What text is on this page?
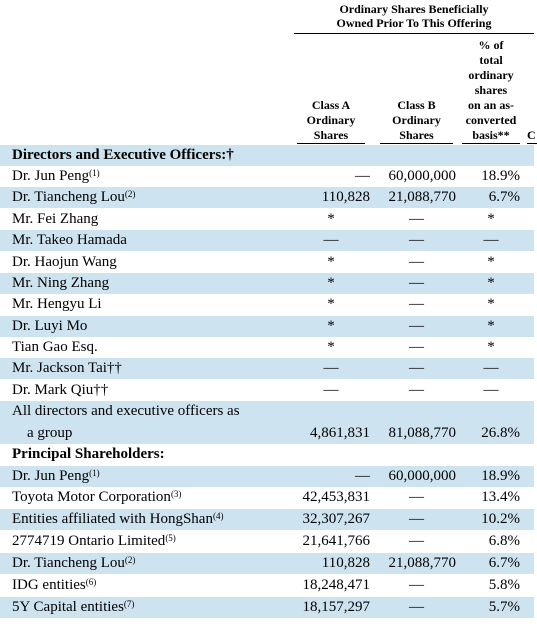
Ordinary Shares Beneficially
Owned Prior To This Offering
Class A
Ordinary
Shares
Class B
Ordinary
Shares
% of
total
ordinary
shares
on an as-
converted
basis**	C
Directors and Executive Officers:†
Dr. Jun Peng$^{(1)}$	—	60,000,000	18.9%
Dr. Tiancheng Lou$^{(2)}$	110,828	21,088,770	6.7%
Mr. Fei Zhang	*	—	*
Mr. Takeo Hamada	—	—	—
Dr. Haojun Wang	*	—	*
Mr. Ning Zhang	*	—	*
Mr. Hengyu Li	*	—	*
Dr. Luyi Mo	*	—	*
Tian Gao Esq.	*	—	*
Mr. Jackson Tai††	—	—	—
Dr. Mark Qiu††	—	—	—
All directors and executive officers as
a group	4,861,831	81,088,770	26.8%
Principal Shareholders:
Dr. Jun Peng$^{(1)}$	—	60,000,000	18.9%
Toyota Motor Corporation$^{(3)}$	42,453,831	—	13.4%
Entities affiliated with HongShan$^{(4)}$	32,307,267	—	10.2%
2774719 Ontario Limited$^{(5)}$	21,641,766	—	6.8%
Dr. Tiancheng Lou$^{(2)}$	110,828	21,088,770	6.7%
IDG entities$^{(6)}$	18,248,471	—	5.8%
5Y Capital entities$^{(7)}$	18,157,297	—	5.7%
